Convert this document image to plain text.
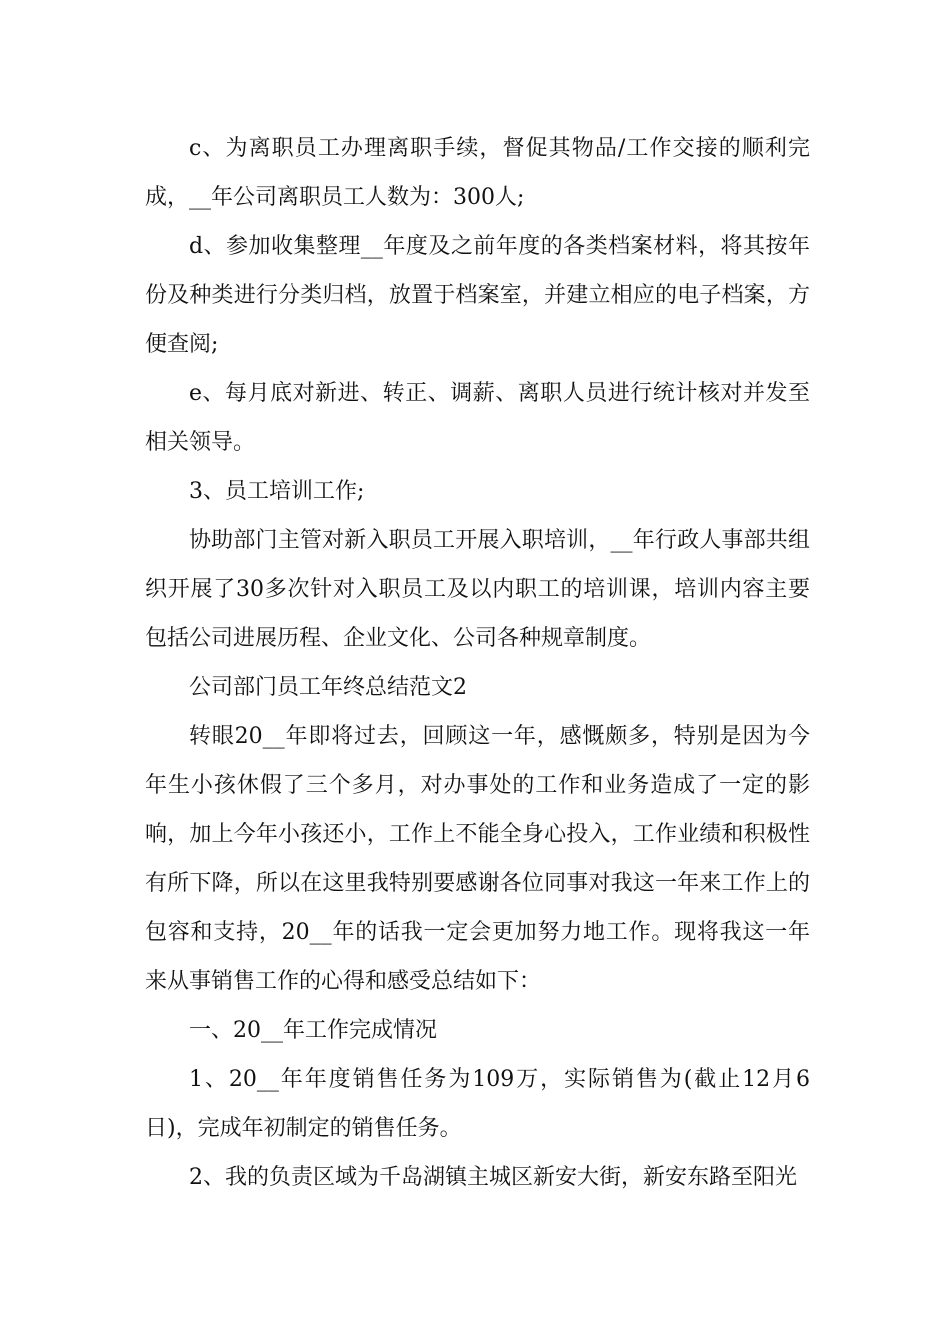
c、为离职员工办理离职手续，督促其物品/工作交接的顺利完成，__年公司离职员工人数为：300人;

d、参加收集整理__年度及之前年度的各类档案材料，将其按年份及种类进行分类归档，放置于档案室，并建立相应的电子档案，方便查阅;

e、每月底对新进、转正、调薪、离职人员进行统计核对并发至相关领导。

3、员工培训工作;

协助部门主管对新入职员工开展入职培训，__年行政人事部共组织开展了30多次针对入职员工及以内职工的培训课，培训内容主要包括公司进展历程、企业文化、公司各种规章制度。

公司部门员工年终总结范文2

转眼20__年即将过去，回顾这一年，感慨颇多，特别是因为今年生小孩休假了三个多月，对办事处的工作和业务造成了一定的影响，加上今年小孩还小，工作上不能全身心投入，工作业绩和积极性有所下降，所以在这里我特别要感谢各位同事对我这一年来工作上的包容和支持，20__年的话我一定会更加努力地工作。现将我这一年来从事销售工作的心得和感受总结如下：

一、20__年工作完成情况

1、20__年年度销售任务为109万，实际销售为(截止12月6日)，完成年初制定的销售任务。

2、我的负责区域为千岛湖镇主城区新安大街，新安东路至阳光
